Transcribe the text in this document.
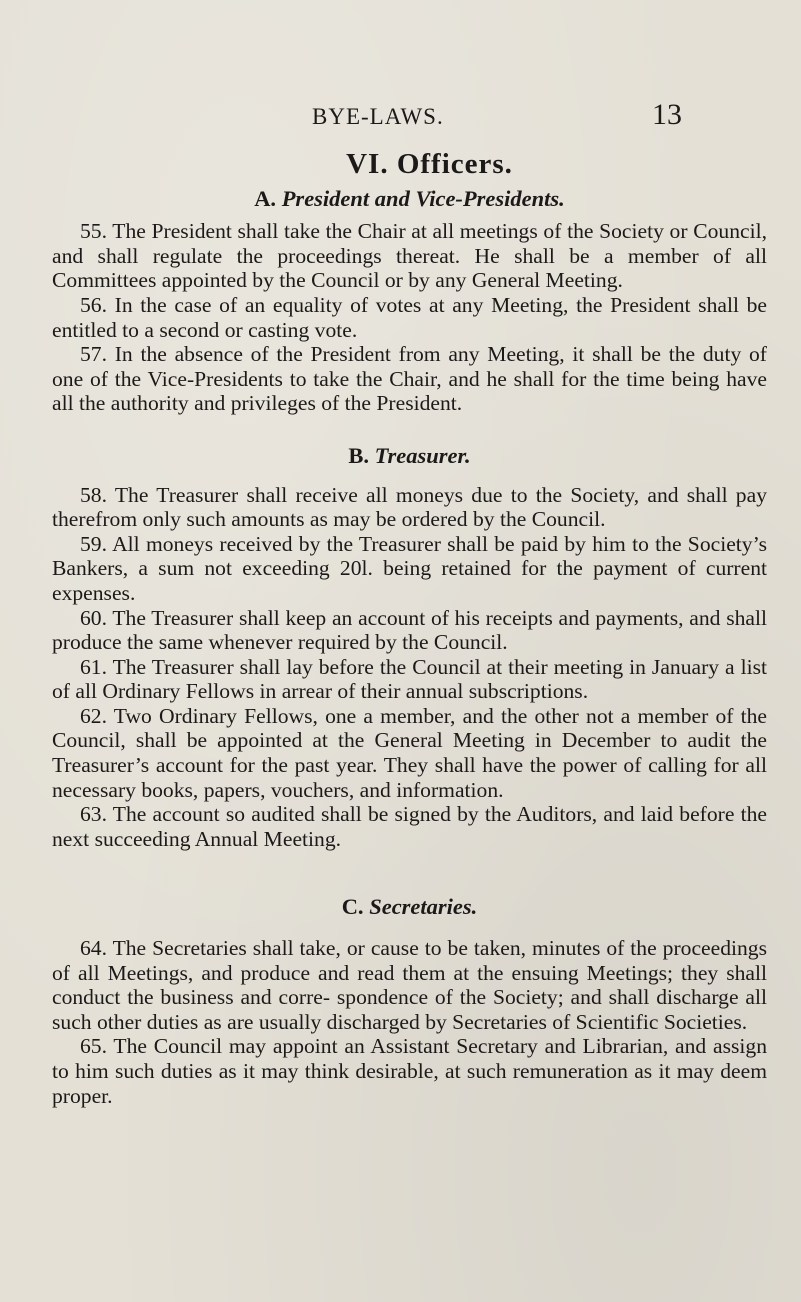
BYE-LAWS.	13
VI. Officers.
A. President and Vice-Presidents.

55. The President shall take the Chair at all meetings of the Society or Council, and shall regulate the proceedings thereat. He shall be a member of all Committees appointed by the Council or by any General Meeting.

56. In the case of an equality of votes at any Meeting, the President shall be entitled to a second or casting vote.

57. In the absence of the President from any Meeting, it shall be the duty of one of the Vice-Presidents to take the Chair, and he shall for the time being have all the authority and privileges of the President.

B. Treasurer.

58. The Treasurer shall receive all moneys due to the Society, and shall pay therefrom only such amounts as may be ordered by the Council.

59. All moneys received by the Treasurer shall be paid by him to the Society’s Bankers, a sum not exceeding 20l. being retained for the payment of current expenses.

60. The Treasurer shall keep an account of his receipts and payments, and shall produce the same whenever required by the Council.

61. The Treasurer shall lay before the Council at their meeting in January a list of all Ordinary Fellows in arrear of their annual subscriptions.

62. Two Ordinary Fellows, one a member, and the other not a member of the Council, shall be appointed at the General Meeting in December to audit the Treasurer’s account for the past year. They shall have the power of calling for all necessary books, papers, vouchers, and information.

63. The account so audited shall be signed by the Auditors, and laid before the next succeeding Annual Meeting.

C. Secretaries.

64. The Secretaries shall take, or cause to be taken, minutes of the proceedings of all Meetings, and produce and read them at the ensuing Meetings; they shall conduct the business and corre- spondence of the Society; and shall discharge all such other duties as are usually discharged by Secretaries of Scientific Societies.

65. The Council may appoint an Assistant Secretary and Librarian, and assign to him such duties as it may think desirable, at such remuneration as it may deem proper.
